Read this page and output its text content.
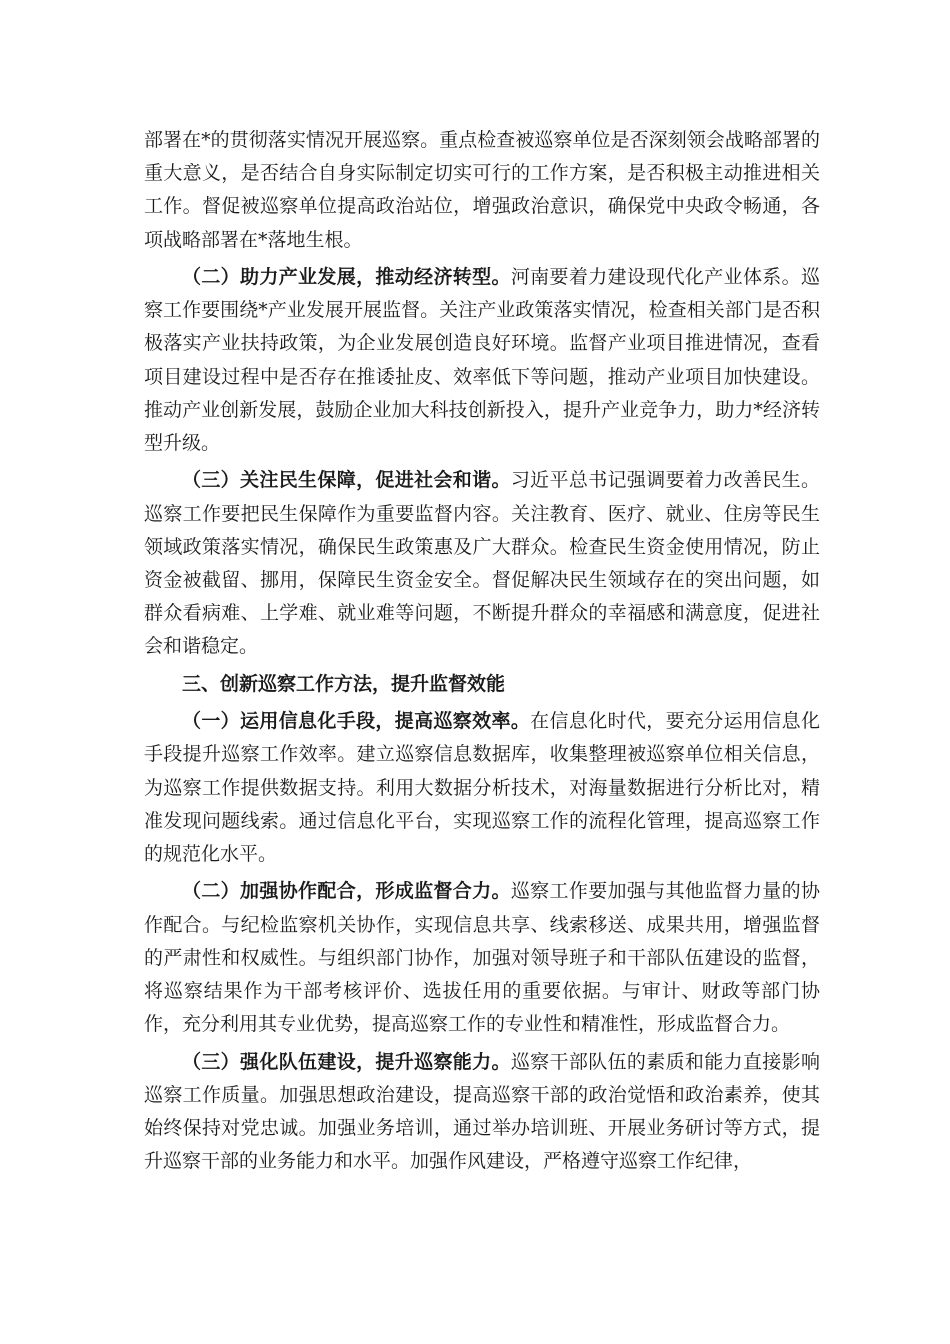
部署在*的贯彻落实情况开展巡察。重点检查被巡察单位是否深刻领会战略部署的重大意义，是否结合自身实际制定切实可行的工作方案，是否积极主动推进相关工作。督促被巡察单位提高政治站位，增强政治意识，确保党中央政令畅通，各项战略部署在*落地生根。

（二）助力产业发展，推动经济转型。河南要着力建设现代化产业体系。巡察工作要围绕*产业发展开展监督。关注产业政策落实情况，检查相关部门是否积极落实产业扶持政策，为企业发展创造良好环境。监督产业项目推进情况，查看项目建设过程中是否存在推诿扯皮、效率低下等问题，推动产业项目加快建设。推动产业创新发展，鼓励企业加大科技创新投入，提升产业竞争力，助力*经济转型升级。

（三）关注民生保障，促进社会和谐。习近平总书记强调要着力改善民生。巡察工作要把民生保障作为重要监督内容。关注教育、医疗、就业、住房等民生领域政策落实情况，确保民生政策惠及广大群众。检查民生资金使用情况，防止资金被截留、挪用，保障民生资金安全。督促解决民生领域存在的突出问题，如群众看病难、上学难、就业难等问题，不断提升群众的幸福感和满意度，促进社会和谐稳定。

三、创新巡察工作方法，提升监督效能

（一）运用信息化手段，提高巡察效率。在信息化时代，要充分运用信息化手段提升巡察工作效率。建立巡察信息数据库，收集整理被巡察单位相关信息，为巡察工作提供数据支持。利用大数据分析技术，对海量数据进行分析比对，精准发现问题线索。通过信息化平台，实现巡察工作的流程化管理，提高巡察工作的规范化水平。

（二）加强协作配合，形成监督合力。巡察工作要加强与其他监督力量的协作配合。与纪检监察机关协作，实现信息共享、线索移送、成果共用，增强监督的严肃性和权威性。与组织部门协作，加强对领导班子和干部队伍建设的监督，将巡察结果作为干部考核评价、选拔任用的重要依据。与审计、财政等部门协作，充分利用其专业优势，提高巡察工作的专业性和精准性，形成监督合力。

（三）强化队伍建设，提升巡察能力。巡察干部队伍的素质和能力直接影响巡察工作质量。加强思想政治建设，提高巡察干部的政治觉悟和政治素养，使其始终保持对党忠诚。加强业务培训，通过举办培训班、开展业务研讨等方式，提升巡察干部的业务能力和水平。加强作风建设，严格遵守巡察工作纪律，
